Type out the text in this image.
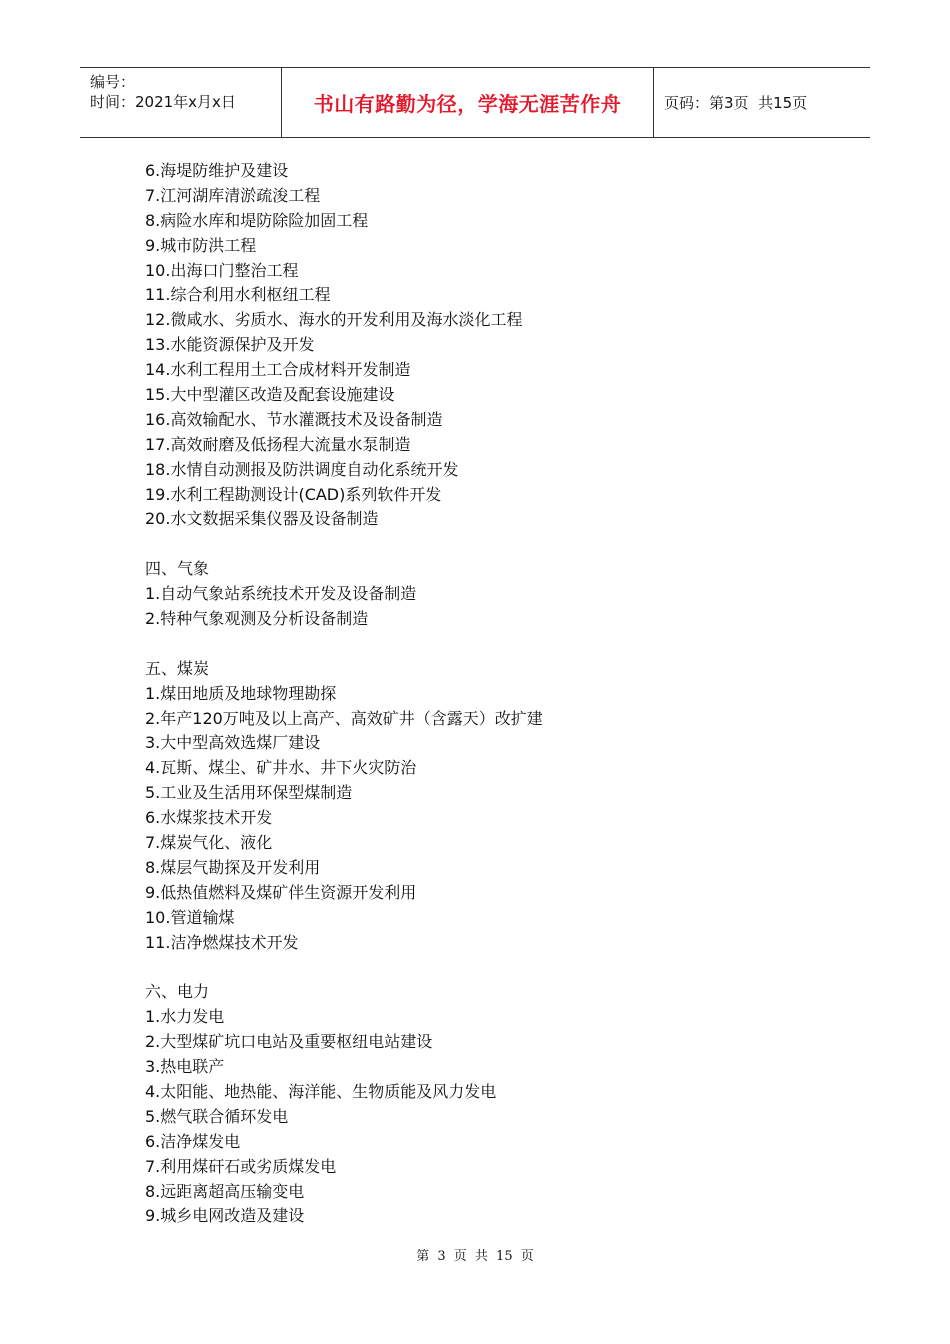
编号：
时间：2021年x月x日	书山有路勤为径，学海无涯苦作舟	页码：第3页  共15页
6.海堤防维护及建设
7.江河湖库清淤疏浚工程
8.病险水库和堤防除险加固工程
9.城市防洪工程
10.出海口门整治工程
11.综合利用水利枢纽工程
12.微咸水、劣质水、海水的开发利用及海水淡化工程
13.水能资源保护及开发
14.水利工程用土工合成材料开发制造
15.大中型灌区改造及配套设施建设
16.高效输配水、节水灌溉技术及设备制造
17.高效耐磨及低扬程大流量水泵制造
18.水情自动测报及防洪调度自动化系统开发
19.水利工程勘测设计(CAD)系列软件开发
20.水文数据采集仪器及设备制造
四、气象
1.自动气象站系统技术开发及设备制造
2.特种气象观测及分析设备制造
五、煤炭
1.煤田地质及地球物理勘探
2.年产120万吨及以上高产、高效矿井（含露天）改扩建
3.大中型高效选煤厂建设
4.瓦斯、煤尘、矿井水、井下火灾防治
5.工业及生活用环保型煤制造
6.水煤浆技术开发
7.煤炭气化、液化
8.煤层气勘探及开发利用
9.低热值燃料及煤矿伴生资源开发利用
10.管道输煤
11.洁净燃煤技术开发
六、电力
1.水力发电
2.大型煤矿坑口电站及重要枢纽电站建设
3.热电联产
4.太阳能、地热能、海洋能、生物质能及风力发电
5.燃气联合循环发电
6.洁净煤发电
7.利用煤矸石或劣质煤发电
8.远距离超高压输变电
9.城乡电网改造及建设
第 3 页 共 15 页
